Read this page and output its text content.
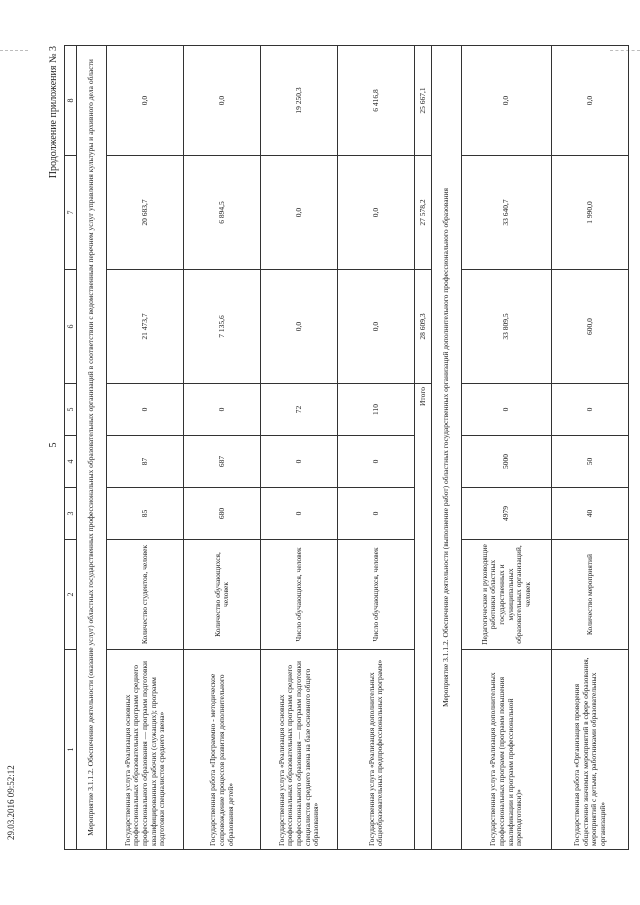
5
Продолжение приложения № 3
1	2	3	4	5	6	7	8
Мероприятие 3.1.1.2. Обеспечение деятельности (оказание услуг) областных государственных профессиональных образовательных организаций в соответствии с ведомственным перечнем услуг управления культуры и архивного дела области							
Государственная услуга «Реализация основных профессиональных образовательных программ среднего профессионального образования — программ подготовки квалифицированных рабочих (служащих); программ подготовки специалистов среднего звена»	Количество студентов, человек	85	87	0	21 473,7	20 683,7	0,0
Государственная работа «Программно - методическое сопровождение процессов развития дополнительного образования детей»	Количество обучающихся, человек	680	687	0	7 135,6	6 894,5	0,0
Государственная услуга «Реализация основных профессиональных образовательных программ среднего профессионального образования — программ подготовки специалистов среднего звена на базе основного общего образования»	Число обучающихся, человек	0	0	72	0,0	0,0	19 250,3
Государственная услуга «Реализация дополнительных общеобразовательных предпрофессиональных программ»	Число обучающихся, человек	0	0	110	0,0	0,0	6 416,8
Итого					28 609,3	27 578,2	25 667,1
Мероприятие 3.1.1.2. Обеспечение деятельности (выполнение работ) областных государственных организаций дополнительного профессионального образования							
Государственная услуга «Реализация дополнительных профессиональных программ (программ повышения квалификации и программ профессиональной переподготовки)»	Педагогические и руководящие работники областных государственных и муниципальных образовательных организаций, человек	4979	5000	0	33 809,5	33 640,7	0,0
Государственная работа «Организация проведения общественно значимых мероприятий в сфере образования, мероприятий с детьми, работниками образовательных организаций»	Количество мероприятий	40	50	0	600,0	1 990,0	0,0
29.03.2016 09:52:12
